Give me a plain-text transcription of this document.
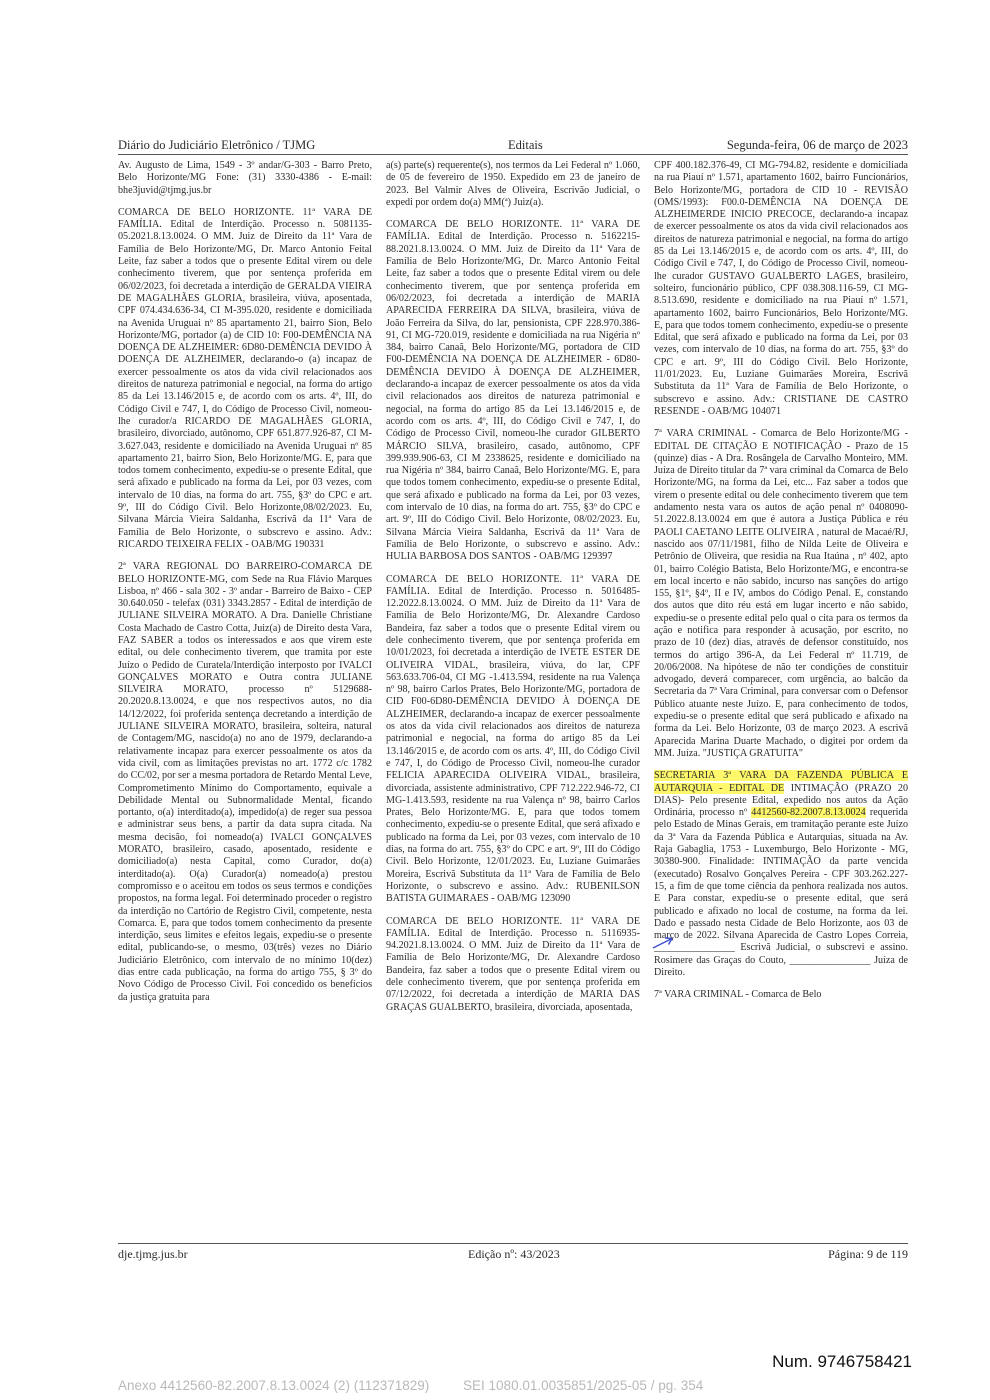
Diário do Judiciário Eletrônico / TJMG	Editais	Segunda-feira, 06 de março de 2023

Av. Augusto de Lima, 1549 - 3º andar/G-303 - Barro Preto, Belo Horizonte/MG Fone: (31) 3330-4386 - E-mail: bhe3juvid@tjmg.jus.br

COMARCA DE BELO HORIZONTE. 11ª VARA DE FAMÍLIA. Edital de Interdição. Processo n. 5081135-05.2021.8.13.0024. O MM. Juiz de Direito da 11ª Vara de Família de Belo Horizonte/MG, Dr. Marco Antonio Feital Leite, faz saber a todos que o presente Edital virem ou dele conhecimento tiverem, que por sentença proferida em 06/02/2023, foi decretada a interdição de GERALDA VIEIRA DE MAGALHÃES GLORIA, brasileira, viúva, aposentada, CPF 074.434.636-34, CI M-395.020, residente e domiciliada na Avenida Uruguai nº 85 apartamento 21, bairro Sion, Belo Horizonte/MG, portador (a) de CID 10: F00-DEMÊNCIA NA DOENÇA DE ALZHEIMER: 6D80-DEMÊNCIA DEVIDO À DOENÇA DE ALZHEIMER, declarando-o (a) incapaz de exercer pessoalmente os atos da vida civil relacionados aos direitos de natureza patrimonial e negocial, na forma do artigo 85 da Lei 13.146/2015 e, de acordo com os arts. 4º, III, do Código Civil e 747, I, do Código de Processo Civil, nomeou-lhe curador/a RICARDO DE MAGALHÃES GLORIA, brasileiro, divorciado, autônomo, CPF 651.877.926-87, CI M-3.627.043, residente e domiciliado na Avenida Uruguai nº 85 apartamento 21, bairro Sion, Belo Horizonte/MG. E, para que todos tomem conhecimento, expediu-se o presente Edital, que será afixado e publicado na forma da Lei, por 03 vezes, com intervalo de 10 dias, na forma do art. 755, §3º do CPC e art. 9º, III do Código Civil. Belo Horizonte,08/02/2023. Eu, Silvana Márcia Vieira Saldanha, Escrivã da 11ª Vara de Família de Belo Horizonte, o subscrevo e assino. Adv.: RICARDO TEIXEIRA FELIX - OAB/MG 190331

2ª VARA REGIONAL DO BARREIRO-COMARCA DE BELO HORIZONTE-MG, com Sede na Rua Flávio Marques Lisboa, nº 466 - sala 302 - 3º andar - Barreiro de Baixo - CEP 30.640.050 - telefax (031) 3343.2857 - Edital de interdição de JULIANE SILVEIRA MORATO. A Dra. Danielle Christiane Costa Machado de Castro Cotta, Juiz(a) de Direito desta Vara, FAZ SABER a todos os interessados e aos que virem este edital, ou dele conhecimento tiverem, que tramita por este Juízo o Pedido de Curatela/Interdição interposto por IVALCI GONÇALVES MORATO e Outra contra JULIANE SILVEIRA MORATO, processo nº 5129688-20.2020.8.13.0024, e que nos respectivos autos, no dia 14/12/2022, foi proferida sentença decretando a interdição de JULIANE SILVEIRA MORATO, brasileira, solteira, natural de Contagem/MG, nascido(a) no ano de 1979, declarando-a relativamente incapaz para exercer pessoalmente os atos da vida civil, com as limitações previstas no art. 1772 c/c 1782 do CC/02, por ser a mesma portadora de Retardo Mental Leve, Comprometimento Mínimo do Comportamento, equivale a Debilidade Mental ou Subnormalidade Mental, ficando portanto, o(a) interditado(a), impedido(a) de reger sua pessoa e administrar seus bens, a partir da data supra citada. Na mesma decisão, foi nomeado(a) IVALCI GONÇALVES MORATO, brasileiro, casado, aposentado, residente e domiciliado(a) nesta Capital, como Curador, do(a) interditado(a). O(a) Curador(a) nomeado(a) prestou compromisso e o aceitou em todos os seus termos e condições propostos, na forma legal. Foi determinado proceder o registro da interdição no Cartório de Registro Civil, competente, nesta Comarca. E, para que todos tomem conhecimento da presente interdição, seus limites e efeitos legais, expediu-se o presente edital, publicando-se, o mesmo, 03(três) vezes no Diário Judiciário Eletrônico, com intervalo de no mínimo 10(dez) dias entre cada publicação, na forma do artigo 755, § 3º do Novo Código de Processo Civil. Foi concedido os benefícios da justiça gratuita para

a(s) parte(s) requerente(s), nos termos da Lei Federal nº 1.060, de 05 de fevereiro de 1950. Expedido em 23 de janeiro de 2023. Bel Valmir Alves de Oliveira, Escrivão Judicial, o expedi por ordem do(a) MM(ª) Juiz(a).

COMARCA DE BELO HORIZONTE. 11ª VARA DE FAMÍLIA. Edital de Interdição. Processo n. 5162215-88.2021.8.13.0024. O MM. Juiz de Direito da 11ª Vara de Família de Belo Horizonte/MG, Dr. Marco Antonio Feital Leite, faz saber a todos que o presente Edital virem ou dele conhecimento tiverem, que por sentença proferida em 06/02/2023, foi decretada a interdição de MARIA APARECIDA FERREIRA DA SILVA, brasileira, viúva de João Ferreira da Silva, do lar, pensionista, CPF 228.970.386-91, CI MG-720.019, residente e domiciliada na rua Nigéria nº 384, bairro Canaã, Belo Horizonte/MG, portadora de CID F00-DEMÊNCIA NA DOENÇA DE ALZHEIMER - 6D80-DEMÊNCIA DEVIDO À DOENÇA DE ALZHEIMER, declarando-a incapaz de exercer pessoalmente os atos da vida civil relacionados aos direitos de natureza patrimonial e negocial, na forma do artigo 85 da Lei 13.146/2015 e, de acordo com os arts. 4º, III, do Código Civil e 747, I, do Código de Processo Civil, nomeou-lhe curador GILBERTO MÁRCIO SILVA, brasileiro, casado, autônomo, CPF 399.939.906-63, CI M 2338625, residente e domiciliado na rua Nigéria nº 384, bairro Canaã, Belo Horizonte/MG. E, para que todos tomem conhecimento, expediu-se o presente Edital, que será afixado e publicado na forma da Lei, por 03 vezes, com intervalo de 10 dias, na forma do art. 755, §3º do CPC e art. 9º, III do Código Civil. Belo Horizonte, 08/02/2023. Eu, Silvana Márcia Vieira Saldanha, Escrivã da 11ª Vara de Família de Belo Horizonte, o subscrevo e assino. Adv.: HULIA BARBOSA DOS SANTOS - OAB/MG 129397

COMARCA DE BELO HORIZONTE. 11ª VARA DE FAMÍLIA. Edital de Interdição. Processo n. 5016485-12.2022.8.13.0024. O MM. Juiz de Direito da 11ª Vara de Família de Belo Horizonte/MG, Dr. Alexandre Cardoso Bandeira, faz saber a todos que o presente Edital virem ou dele conhecimento tiverem, que por sentença proferida em 10/01/2023, foi decretada a interdição de IVETE ESTER DE OLIVEIRA VIDAL, brasileira, viúva, do lar, CPF 563.633.706-04, CI MG -1.413.594, residente na rua Valença nº 98, bairro Carlos Prates, Belo Horizonte/MG, portadora de CID F00-6D80-DEMÊNCIA DEVIDO À DOENÇA DE ALZHEIMER, declarando-a incapaz de exercer pessoalmente os atos da vida civil relacionados aos direitos de natureza patrimonial e negocial, na forma do artigo 85 da Lei 13.146/2015 e, de acordo com os arts. 4º, III, do Código Civil e 747, I, do Código de Processo Civil, nomeou-lhe curador FELICIA APARECIDA OLIVEIRA VIDAL, brasileira, divorciada, assistente administrativo, CPF 712.222.946-72, CI MG-1.413.593, residente na rua Valença nº 98, bairro Carlos Prates, Belo Horizonte/MG. E, para que todos tomem conhecimento, expediu-se o presente Edital, que será afixado e publicado na forma da Lei, por 03 vezes, com intervalo de 10 dias, na forma do art. 755, §3º do CPC e art. 9º, III do Código Civil. Belo Horizonte, 12/01/2023. Eu, Luziane Guimarães Moreira, Escrivã Substituta da 11ª Vara de Família de Belo Horizonte, o subscrevo e assino. Adv.: RUBENILSON BATISTA GUIMARAES - OAB/MG 123090

COMARCA DE BELO HORIZONTE. 11ª VARA DE FAMÍLIA. Edital de Interdição. Processo n. 5116935-94.2021.8.13.0024. O MM. Juiz de Direito da 11ª Vara de Família de Belo Horizonte/MG, Dr. Alexandre Cardoso Bandeira, faz saber a todos que o presente Edital virem ou dele conhecimento tiverem, que por sentença proferida em 07/12/2022, foi decretada a interdição de MARIA DAS GRAÇAS GUALBERTO, brasileira, divorciada, aposentada,

CPF 400.182.376-49, CI MG-794.82, residente e domiciliada na rua Piauí nº 1.571, apartamento 1602, bairro Funcionários, Belo Horizonte/MG, portadora de CID 10 - REVISÃO (OMS/1993): F00.0-DEMÊNCIA NA DOENÇA DE ALZHEIMERDE INICIO PRECOCE, declarando-a incapaz de exercer pessoalmente os atos da vida civil relacionados aos direitos de natureza patrimonial e negocial, na forma do artigo 85 da Lei 13.146/2015 e, de acordo com os arts. 4º, III, do Código Civil e 747, I, do Código de Processo Civil, nomeou-lhe curador GUSTAVO GUALBERTO LAGES, brasileiro, solteiro, funcionário público, CPF 038.308.116-59, CI MG-8.513.690, residente e domiciliado na rua Piauí nº 1.571, apartamento 1602, bairro Funcionários, Belo Horizonte/MG. E, para que todos tomem conhecimento, expediu-se o presente Edital, que será afixado e publicado na forma da Lei, por 03 vezes, com intervalo de 10 dias, na forma do art. 755, §3º do CPC e art. 9º, III do Código Civil. Belo Horizonte, 11/01/2023. Eu, Luziane Guimarães Moreira, Escrivã Substituta da 11ª Vara de Família de Belo Horizonte, o subscrevo e assino. Adv.: CRISTIANE DE CASTRO RESENDE - OAB/MG 104071

7ª VARA CRIMINAL - Comarca de Belo Horizonte/MG - EDITAL DE CITAÇÃO E NOTIFICAÇÃO - Prazo de 15 (quinze) dias - A Dra. Rosângela de Carvalho Monteiro, MM. Juíza de Direito titular da 7ª vara criminal da Comarca de Belo Horizonte/MG, na forma da Lei, etc... Faz saber a todos que virem o presente edital ou dele conhecimento tiverem que tem andamento nesta vara os autos de ação penal nº 0408090-51.2022.8.13.0024 em que é autora a Justiça Pública e réu PAOLI CAETANO LEITE OLIVEIRA , natural de Macaé/RJ, nascido aos 07/11/1981, filho de Nilda Leite de Oliveira e Petrônio de Oliveira, que residia na Rua Itaúna , nº 402, apto 01, bairro Colégio Batista, Belo Horizonte/MG, e encontra-se em local incerto e não sabido, incurso nas sanções do artigo 155, §1º, §4º, II e IV, ambos do Código Penal. E, constando dos autos que dito réu está em lugar incerto e não sabido, expediu-se o presente edital pelo qual o cita para os termos da ação e notifica para responder à acusação, por escrito, no prazo de 10 (dez) dias, através de defensor constituído, nos termos do artigo 396-A, da Lei Federal nº 11.719, de 20/06/2008. Na hipótese de não ter condições de constituir advogado, deverá comparecer, com urgência, ao balcão da Secretaria da 7ª Vara Criminal, para conversar com o Defensor Público atuante neste Juízo. E, para conhecimento de todos, expediu-se o presente edital que será publicado e afixado na forma da Lei. Belo Horizonte, 03 de março 2023. A escrivã Aparecida Marina Duarte Machado, o digitei por ordem da MM. Juíza. "JUSTIÇA GRATUITA"

SECRETARIA 3ª VARA DA FAZENDA PÚBLICA E AUTARQUIA - EDITAL DE INTIMAÇÃO (PRAZO 20 DIAS)- Pelo presente Edital, expedido nos autos da Ação Ordinária, processo nº 4412560-82.2007.8.13.0024 requerida pelo Estado de Minas Gerais, em tramitação perante este Juízo da 3ª Vara da Fazenda Pública e Autarquias, situada na Av. Raja Gabaglia, 1753 - Luxemburgo, Belo Horizonte - MG, 30380-900. Finalidade: INTIMAÇÃO da parte vencida (executado) Rosalvo Gonçalves Pereira - CPF 303.262.227-15, a fim de que tome ciência da penhora realizada nos autos. E Para constar, expediu-se o presente edital, que será publicado e afixado no local de costume, na forma da lei. Dado e passado nesta Cidade de Belo Horizonte, aos 03 de março de 2022. Silvana Aparecida de Castro Lopes Correia, ________________ Escrivã Judicial, o subscrevi e assino. Rosimere das Graças do Couto, ________________ Juíza de Direito.

7ª VARA CRIMINAL - Comarca de Belo

dje.tjmg.jus.br	Edição nº: 43/2023	Página: 9 de 119
Num. 9746758421
Anexo 4412560-82.2007.8.13.0024 (2) (112371829)	SEI 1080.01.0035851/2025-05 / pg. 354
